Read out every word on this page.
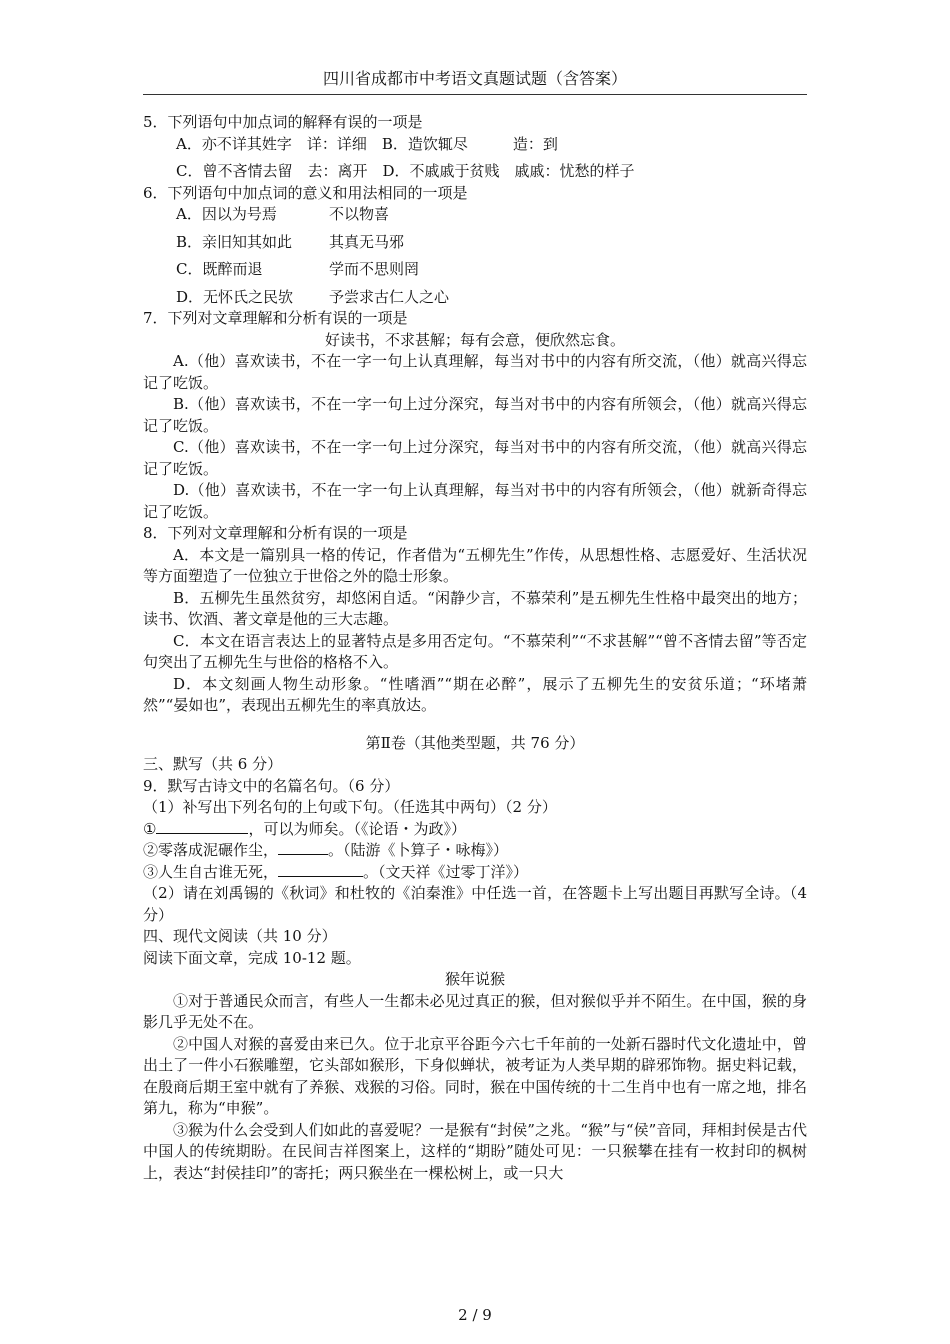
四川省成都市中考语文真题试题（含答案）

5．下列语句中加点词的解释有误的一项是

A．亦不详其姓字　详：详细　B．造饮辄尽　　　造：到

C．曾不吝情去留　去：离开　D．不戚戚于贫贱　戚戚：忧愁的样子

6．下列语句中加点词的意义和用法相同的一项是

A．因以为号焉	不以物喜

B．亲旧知其如此 其真无马邪

C．既醉而退	学而不思则罔

D．无怀氏之民欤 予尝求古仁人之心

7．下列对文章理解和分析有误的一项是

好读书，不求甚解；每有会意，便欣然忘食。

A.（他）喜欢读书，不在一字一句上认真理解，每当对书中的内容有所交流，（他）就高兴得忘记了吃饭。

B.（他）喜欢读书，不在一字一句上过分深究，每当对书中的内容有所领会，（他）就高兴得忘记了吃饭。

C.（他）喜欢读书，不在一字一句上过分深究，每当对书中的内容有所交流，（他）就高兴得忘记了吃饭。

D.（他）喜欢读书，不在一字一句上认真理解，每当对书中的内容有所领会，（他）就新奇得忘记了吃饭。

8．下列对文章理解和分析有误的一项是

A．本文是一篇别具一格的传记，作者借为“五柳先生”作传，从思想性格、志愿爱好、生活状况等方面塑造了一位独立于世俗之外的隐士形象。

B．五柳先生虽然贫穷，却悠闲自适。“闲静少言，不慕荣利”是五柳先生性格中最突出的地方；读书、饮酒、著文章是他的三大志趣。

C．本文在语言表达上的显著特点是多用否定句。“不慕荣利”“不求甚解”“曾不吝情去留”等否定句突出了五柳先生与世俗的格格不入。

D．本文刻画人物生动形象。“性嗜酒”“期在必醉”，展示了五柳先生的安贫乐道；“环堵萧然”“晏如也”，表现出五柳先生的率真放达。

第Ⅱ卷（其他类型题，共 76 分）

三、默写（共 6 分）

9．默写古诗文中的名篇名句。（6 分）

（1）补写出下列名句的上句或下句。（任选其中两句）（2 分）

①	，可以为师矣。（《论语・为政》）

②零落成泥碾作尘，	。（陆游《卜算子・咏梅》）

③人生自古谁无死，	。（文天祥《过零丁洋》）

（2）请在刘禹锡的《秋词》和杜牧的《泊秦淮》中任选一首，在答题卡上写出题目再默写全诗。（4 分）

四、现代文阅读（共 10 分）

阅读下面文章，完成 10-12 题。

猴年说猴

①对于普通民众而言，有些人一生都未必见过真正的猴，但对猴似乎并不陌生。在中国，猴的身影几乎无处不在。

②中国人对猴的喜爱由来已久。位于北京平谷距今六七千年前的一处新石器时代文化遗址中，曾出土了一件小石猴雕塑，它头部如猴形，下身似蝉状，被考证为人类早期的辟邪饰物。据史料记载，在殷商后期王室中就有了养猴、戏猴的习俗。同时，猴在中国传统的十二生肖中也有一席之地，排名第九，称为“申猴”。

③猴为什么会受到人们如此的喜爱呢？一是猴有“封侯”之兆。“猴”与“侯”音同，拜相封侯是古代中国人的传统期盼。在民间吉祥图案上，这样的“期盼”随处可见：一只猴攀在挂有一枚封印的枫树上，表达“封侯挂印”的寄托；两只猴坐在一棵松树上，或一只大

2 / 9
